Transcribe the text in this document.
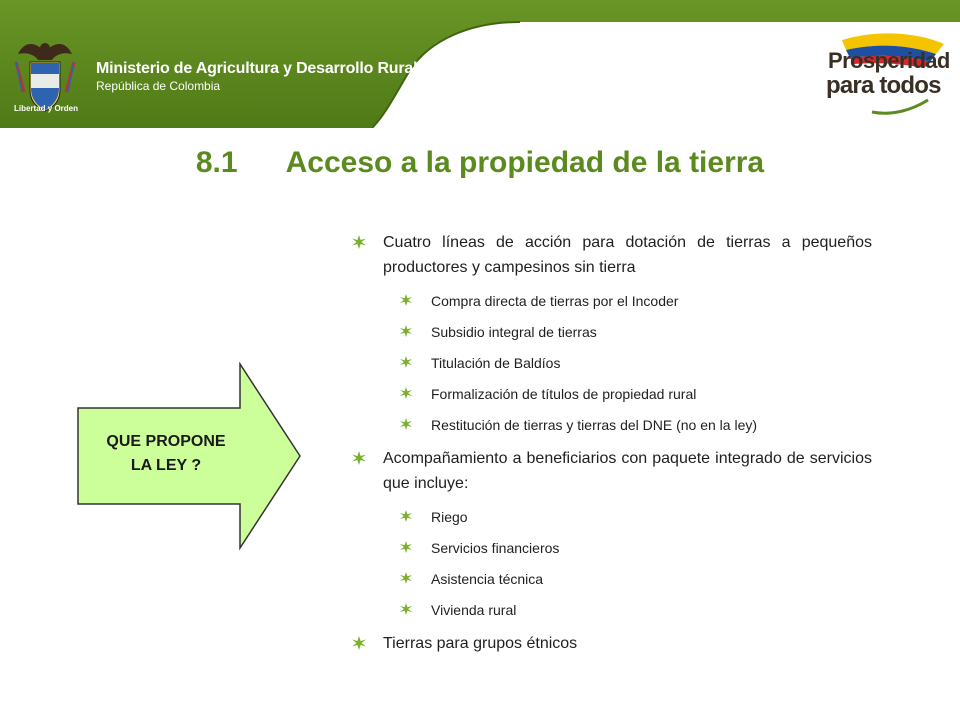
Libertad y Orden
Ministerio de Agricultura y Desarrollo Rural
República de Colombia
Prosperidad
para todos
8.1 Acceso a la propiedad de la tierra
QUE PROPONE
LA LEY ?
Cuatro líneas de acción para dotación de tierras a pequeños productores y campesinos sin tierra
Compra directa de tierras por el Incoder
Subsidio integral de tierras
Titulación de Baldíos
Formalización de títulos de propiedad rural
Restitución de tierras y tierras del DNE (no en la ley)
Acompañamiento a beneficiarios con paquete integrado de servicios que incluye:
Riego
Servicios financieros
Asistencia técnica
Vivienda rural
Tierras para grupos étnicos
